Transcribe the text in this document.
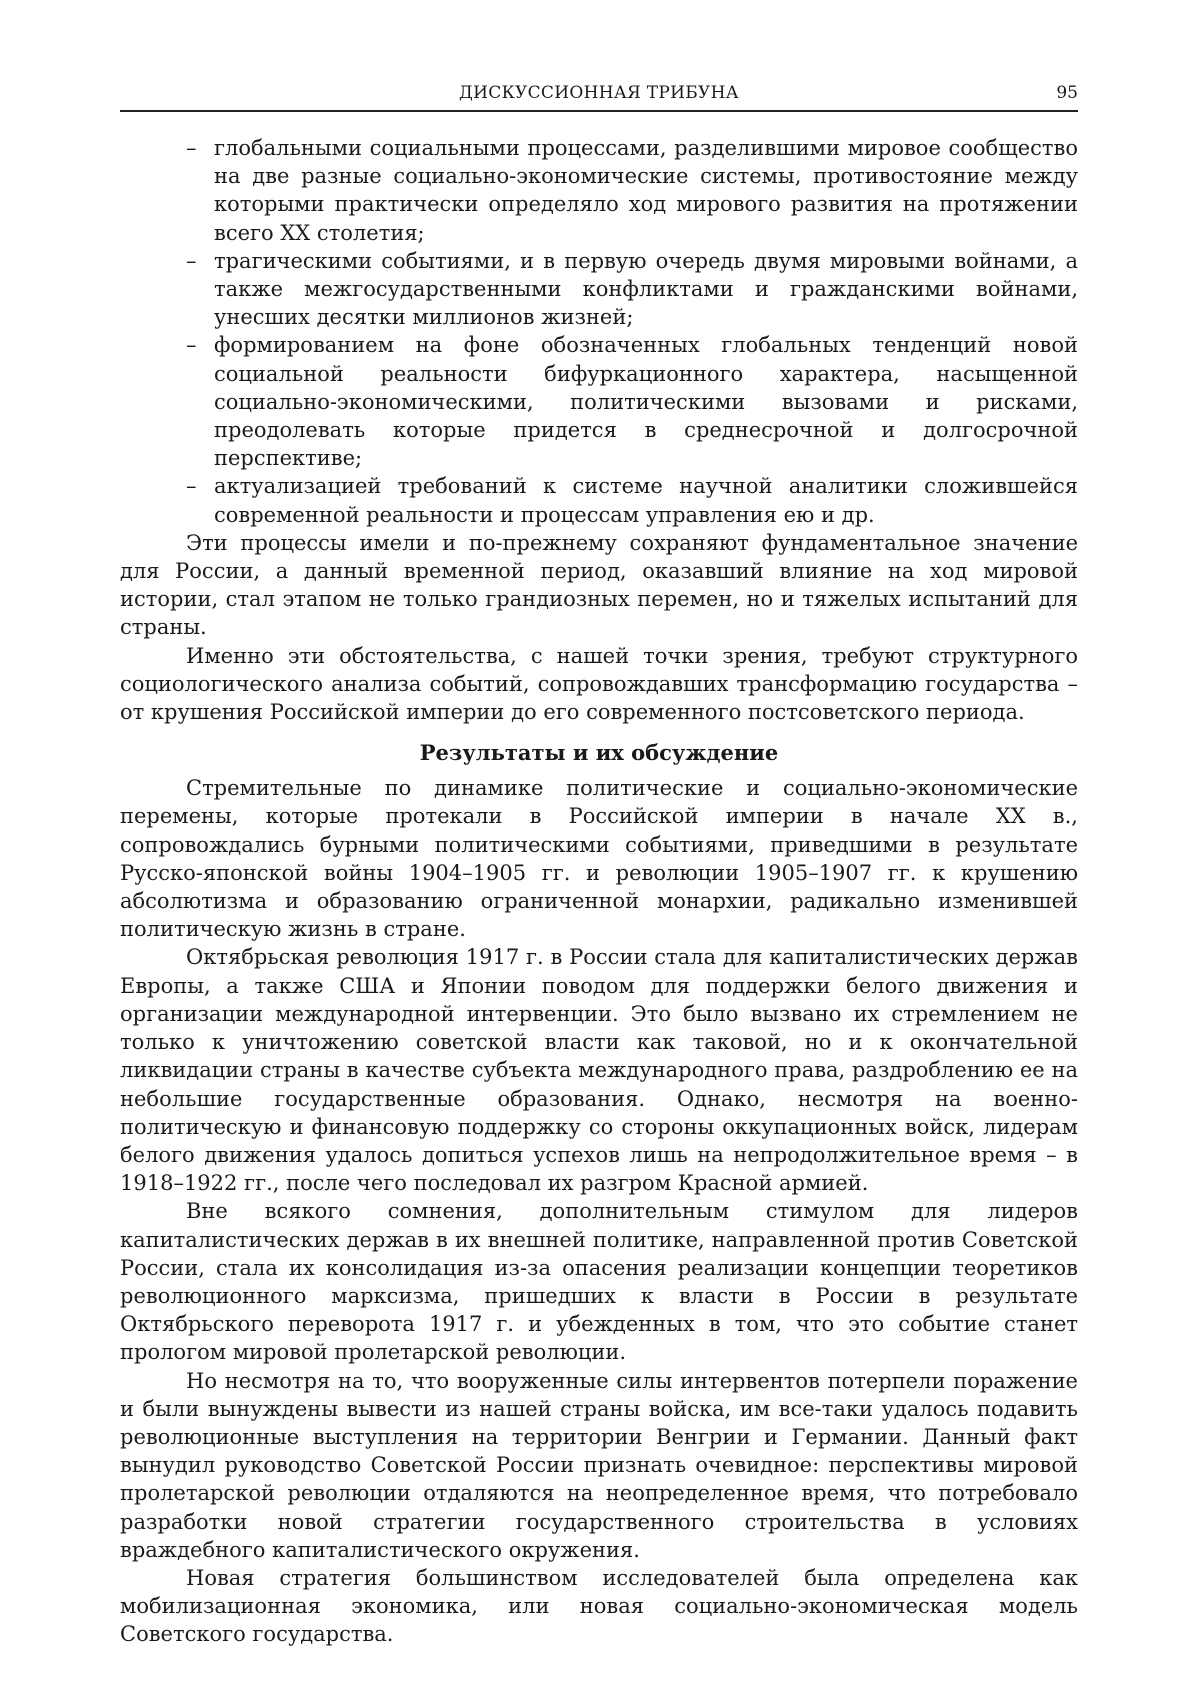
ДИСКУССИОННАЯ ТРИБУНА	95
– глобальными социальными процессами, разделившими мировое сообщество на две разные социально-экономические системы, противостояние между которыми практически определяло ход мирового развития на протяжении всего XX столетия;
– трагическими событиями, и в первую очередь двумя мировыми войнами, а также межгосударственными конфликтами и гражданскими войнами, унесших десятки миллионов жизней;
– формированием на фоне обозначенных глобальных тенденций новой социальной реальности бифуркационного характера, насыщенной социально-экономическими, политическими вызовами и рисками, преодолевать которые придется в среднесрочной и долгосрочной перспективе;
– актуализацией требований к системе научной аналитики сложившейся современной реальности и процессам управления ею и др.

Эти процессы имели и по-прежнему сохраняют фундаментальное значение для России, а данный временной период, оказавший влияние на ход мировой истории, стал этапом не только грандиозных перемен, но и тяжелых испытаний для страны.

Именно эти обстоятельства, с нашей точки зрения, требуют структурного социологического анализа событий, сопровождавших трансформацию государства – от крушения Российской империи до его современного постсоветского периода.

Результаты и их обсуждение

Стремительные по динамике политические и социально-экономические перемены, которые протекали в Российской империи в начале XX в., сопровождались бурными политическими событиями, приведшими в результате Русско-японской войны 1904–1905 гг. и революции 1905–1907 гг. к крушению абсолютизма и образованию ограниченной монархии, радикально изменившей политическую жизнь в стране.

Октябрьская революция 1917 г. в России стала для капиталистических держав Европы, а также США и Японии поводом для поддержки белого движения и организации международной интервенции. Это было вызвано их стремлением не только к уничтожению советской власти как таковой, но и к окончательной ликвидации страны в качестве субъекта международного права, раздроблению ее на небольшие государственные образования. Однако, несмотря на военно-политическую и финансовую поддержку со стороны оккупационных войск, лидерам белого движения удалось допиться успехов лишь на непродолжительное время – в 1918–1922 гг., после чего последовал их разгром Красной армией.

Вне всякого сомнения, дополнительным стимулом для лидеров капиталистических держав в их внешней политике, направленной против Советской России, стала их консолидация из-за опасения реализации концепции теоретиков революционного марксизма, пришедших к власти в России в результате Октябрьского переворота 1917 г. и убежденных в том, что это событие станет прологом мировой пролетарской революции.

Но несмотря на то, что вооруженные силы интервентов потерпели поражение и были вынуждены вывести из нашей страны войска, им все-таки удалось подавить революционные выступления на территории Венгрии и Германии. Данный факт вынудил руководство Советской России признать очевидное: перспективы мировой пролетарской революции отдаляются на неопределенное время, что потребовало разработки новой стратегии государственного строительства в условиях враждебного капиталистического окружения.

Новая стратегия большинством исследователей была определена как мобилизационная экономика, или новая социально-экономическая модель Советского государства.
